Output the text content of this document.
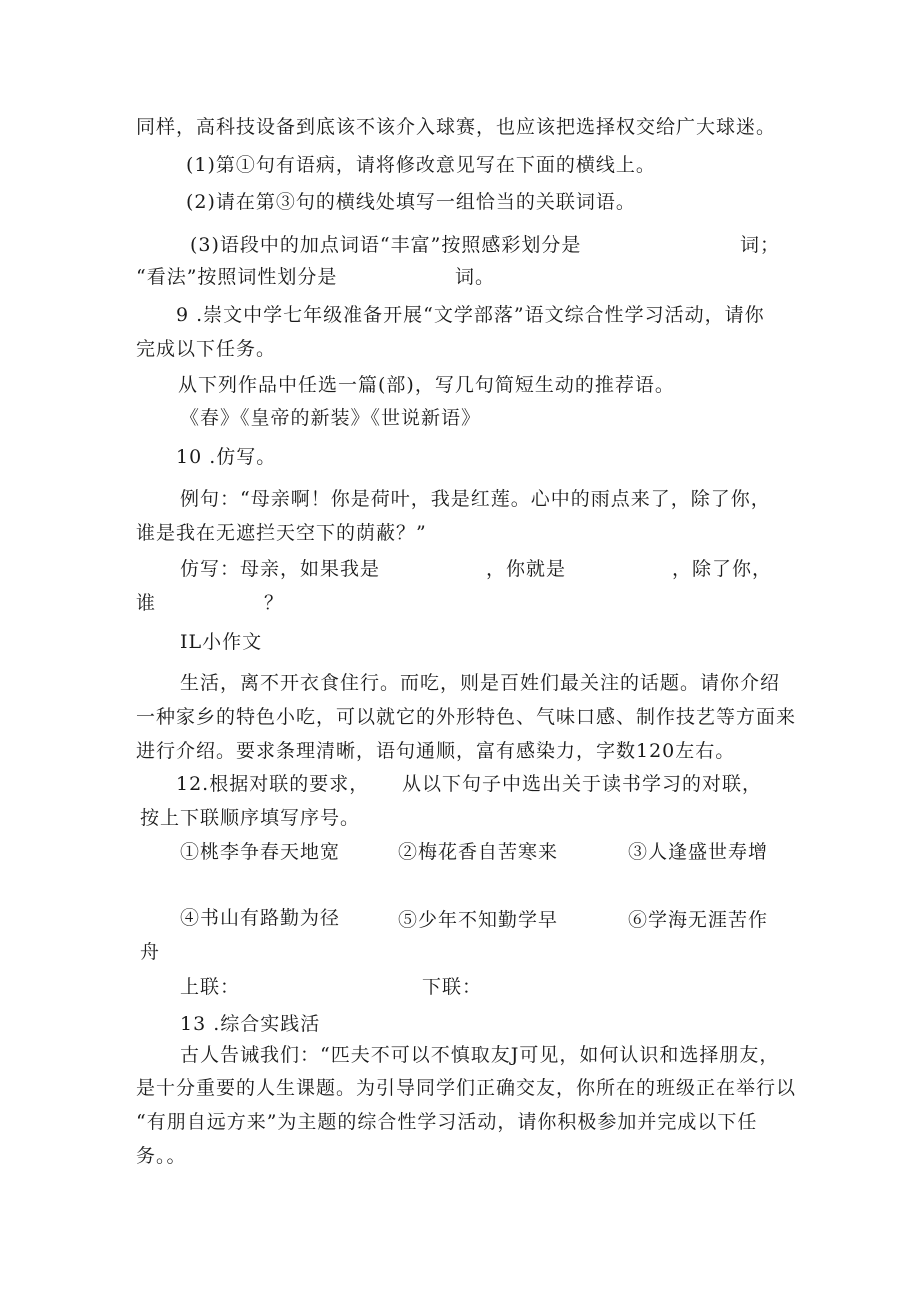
同样，高科技设备到底该不该介入球赛，也应该把选择权交给广大球迷。
(1)第①句有语病，请将修改意见写在下面的横线上。
(2)请在第③句的横线处填写一组恰当的关联词语。
(3)语段中的加点词语“丰富”按照感彩划分是	词；
“看法”按照词性划分是	词。
9 .崇文中学七年级准备开展“文学部落”语文综合性学习活动，请你
完成以下任务。
从下列作品中任选一篇(部)，写几句简短生动的推荐语。
《春》《皇帝的新装》《世说新语》
10 .仿写。
例句：“母亲啊！你是荷叶，我是红莲。心中的雨点来了，除了你，
谁是我在无遮拦天空下的荫蔽？”
仿写：母亲，如果我是	，你就是	，除了你，
谁	？
IL小作文
生活，离不开衣食住行。而吃，则是百姓们最关注的话题。请你介绍
一种家乡的特色小吃，可以就它的外形特色、气味口感、制作技艺等方面来
进行介绍。要求条理清晰，语句通顺，富有感染力，字数120左右。
12.根据对联的要求， 从以下句子中选出关于读书学习的对联，
按上下联顺序填写序号。
①桃李争春天地宽	②梅花香自苦寒来	③人逢盛世寿增
④书山有路勤为径	⑤少年不知勤学早	⑥学海无涯苦作
舟
上联：	下联：
13 .综合实践活
古人告诫我们：“匹夫不可以不慎取友J可见，如何认识和选择朋友，
是十分重要的人生课题。为引导同学们正确交友，你所在的班级正在举行以
“有朋自远方来”为主题的综合性学习活动，请你积极参加并完成以下任
务。。
